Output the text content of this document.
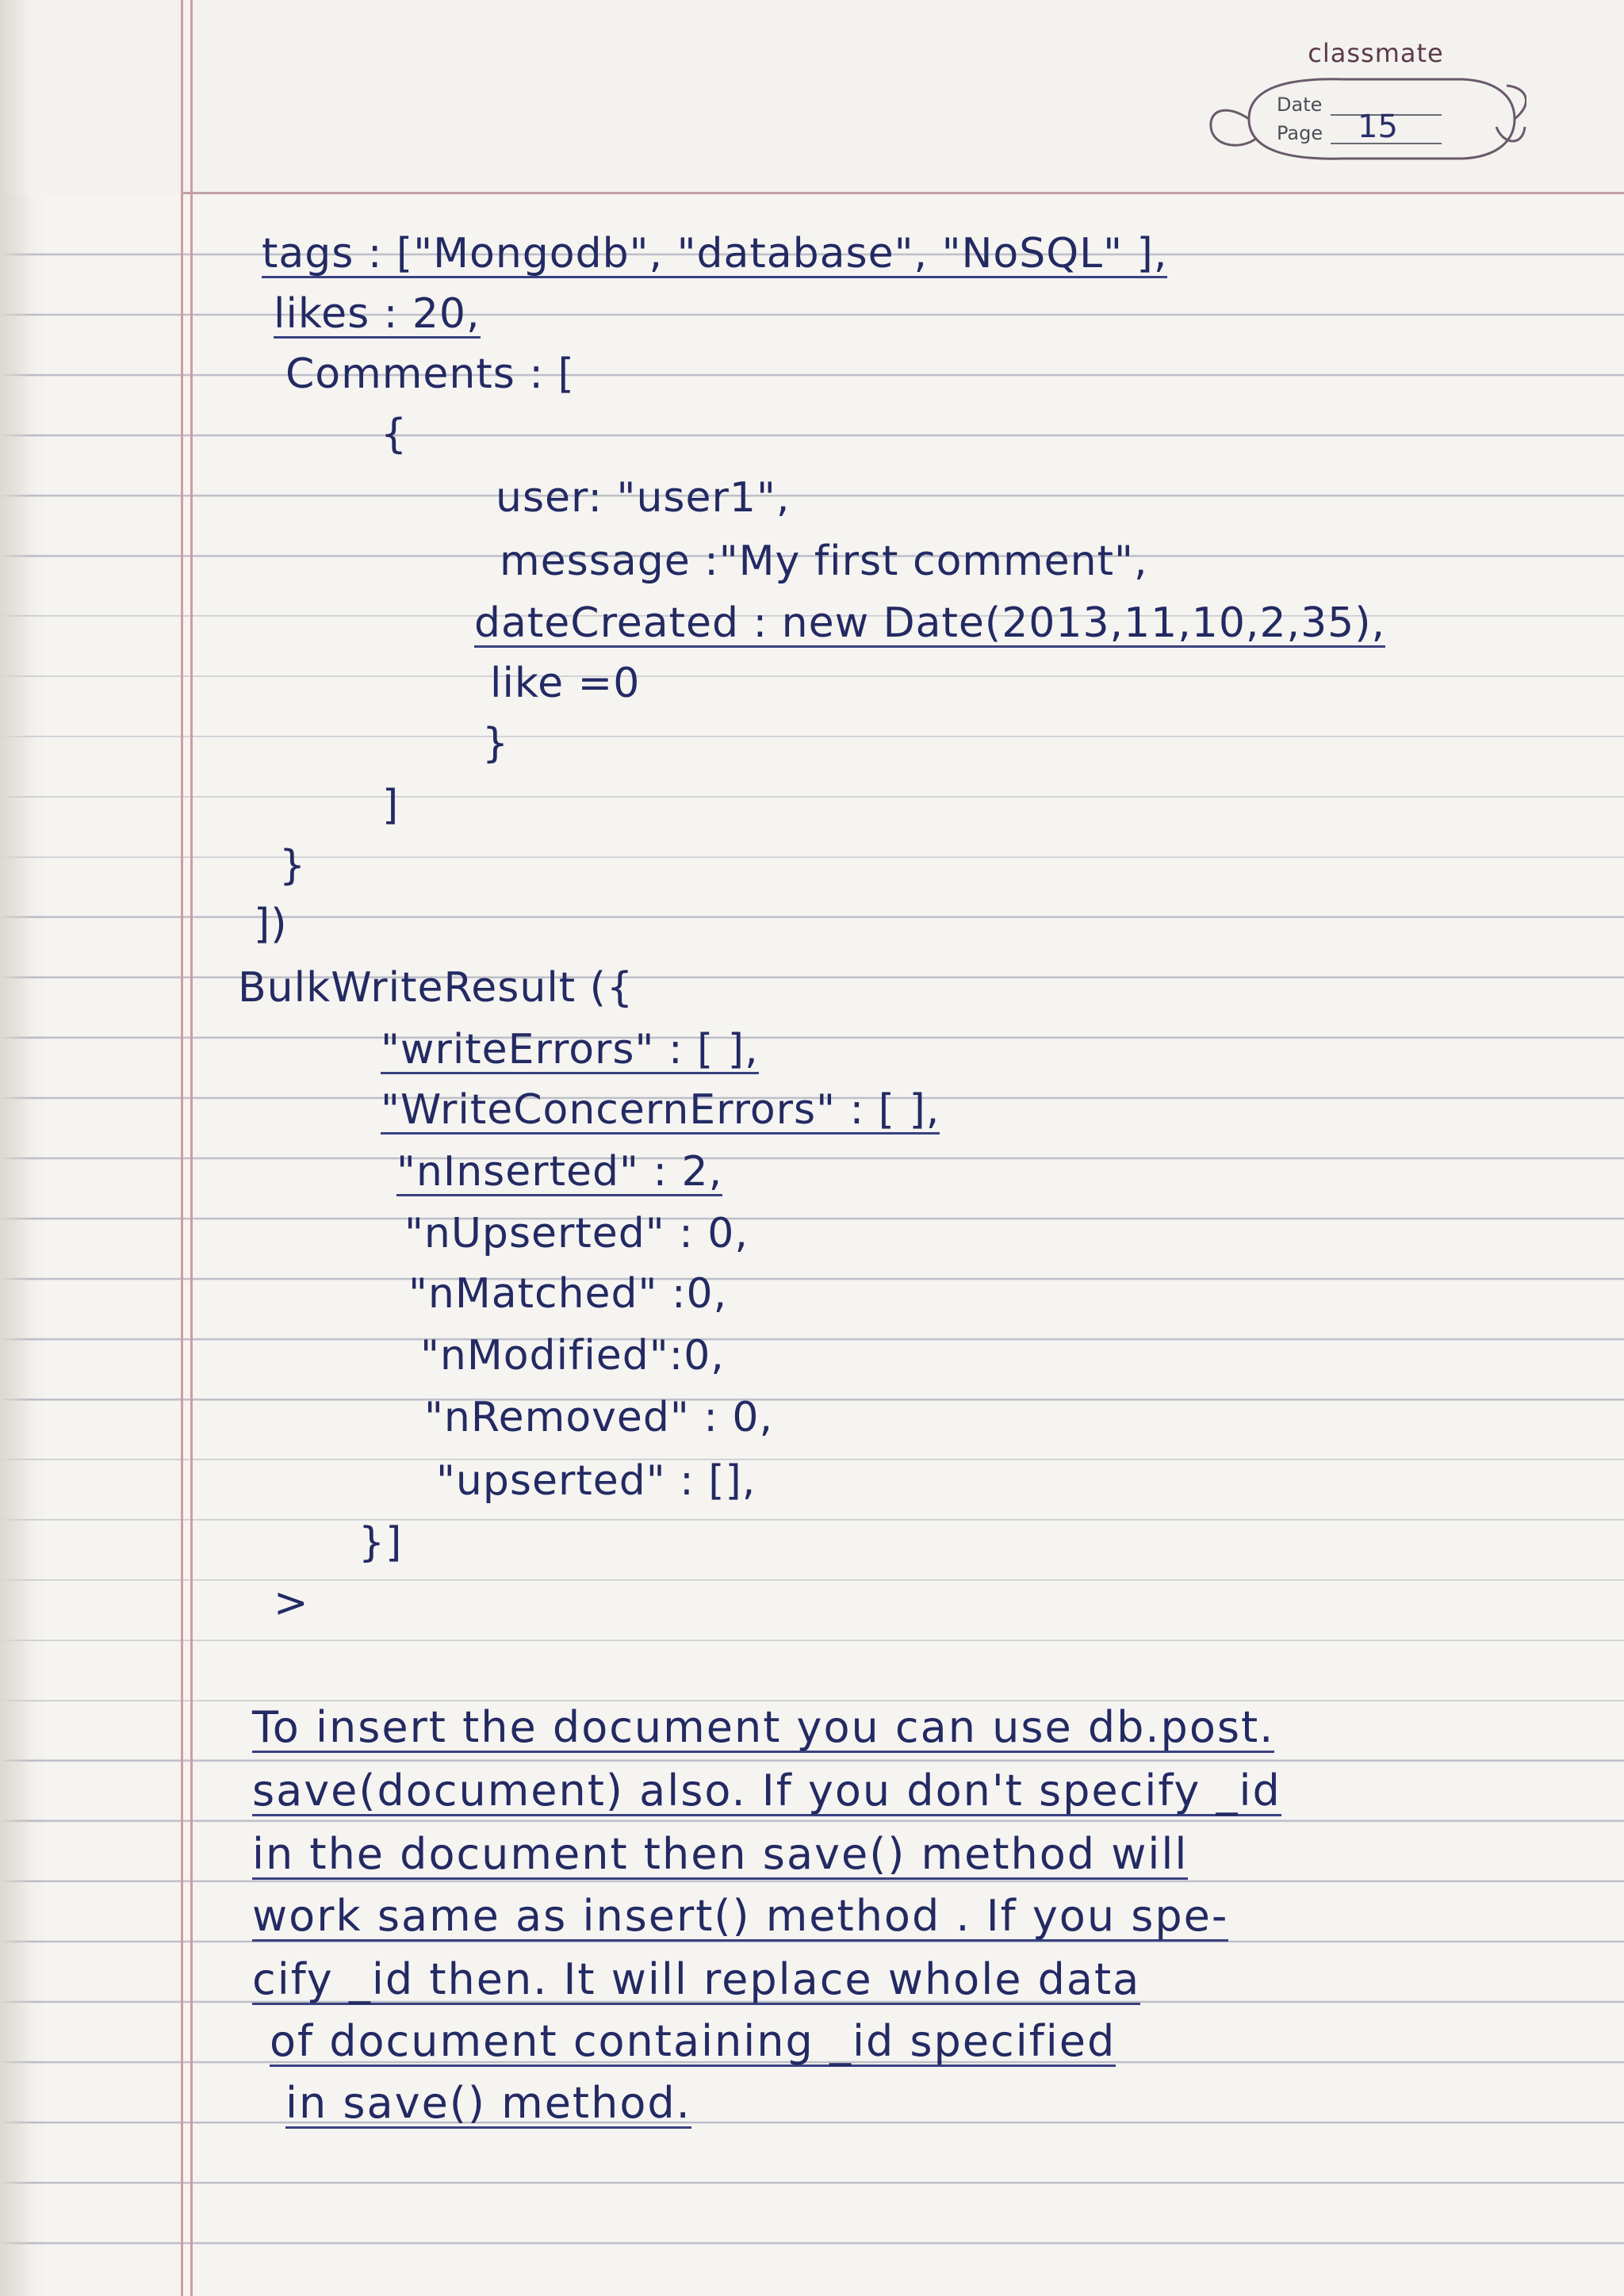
classmate
Date
Page 15
tags : ["Mongodb", "database", "NoSQL" ],
likes : 20,
Comments : [
{
user: "user1",
message :"My first comment",
dateCreated : new Date(2013,11,10,2,35),
like =0
}
]
}
])
BulkWriteResult ({
"writeErrors" : [ ],
"WriteConcernErrors" : [ ],
"nInserted" : 2,
"nUpserted" : 0,
"nMatched" :0,
"nModified":0,
"nRemoved" : 0,
"upserted" : [],
}]
>
To insert the document you can use db.post.
save(document) also. If you don't specify _id
in the document then save() method will
work same as insert() method . If you spe-
cify _id then. It will replace whole data
of document containing _id specified
in save() method.
